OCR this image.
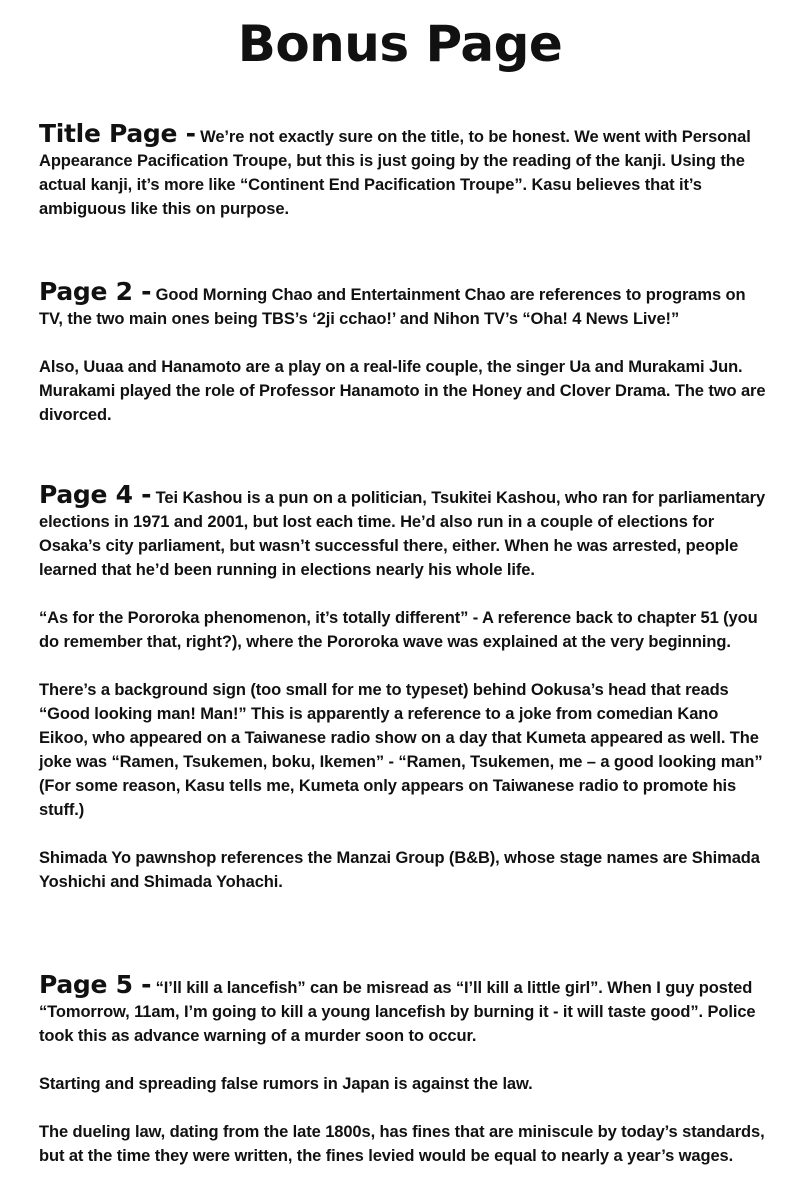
Bonus Page

Title Page - We’re not exactly sure on the title, to be honest. We went with Personal Appearance Pacification Troupe, but this is just going by the reading of the kanji. Using the actual kanji, it’s more like “Continent End Pacification Troupe”. Kasu believes that it’s ambiguous like this on purpose.

Page 2 - Good Morning Chao and Entertainment Chao are references to programs on TV, the two main ones being TBS’s ‘2ji cchao!’ and Nihon TV’s “Oha! 4 News Live!”

Also, Uuaa and Hanamoto are a play on a real-life couple, the singer Ua and Murakami Jun. Murakami played the role of Professor Hanamoto in the Honey and Clover Drama. The two are divorced.

Page 4 - Tei Kashou is a pun on a politician, Tsukitei Kashou, who ran for parliamentary elections in 1971 and 2001, but lost each time. He’d also run in a couple of elections for Osaka’s city parliament, but wasn’t successful there, either. When he was arrested, people learned that he’d been running in elections nearly his whole life.

“As for the Pororoka phenomenon, it’s totally different” - A reference back to chapter 51 (you do remember that, right?), where the Pororoka wave was explained at the very beginning.

There’s a background sign (too small for me to typeset) behind Ookusa’s head that reads “Good looking man! Man!” This is apparently a reference to a joke from comedian Kano Eikoo, who appeared on a Taiwanese radio show on a day that Kumeta appeared as well. The joke was “Ramen, Tsukemen, boku, Ikemen” - “Ramen, Tsukemen, me – a good looking man” (For some reason, Kasu tells me, Kumeta only appears on Taiwanese radio to promote his stuff.)

Shimada Yo pawnshop references the Manzai Group (B&B), whose stage names are Shimada Yoshichi and Shimada Yohachi.

Page 5 - “I’ll kill a lancefish” can be misread as “I’ll kill a little girl”. When I guy posted “Tomorrow, 11am, I’m going to kill a young lancefish by burning it - it will taste good”. Police took this as advance warning of a murder soon to occur.

Starting and spreading false rumors in Japan is against the law.

The dueling law, dating from the late 1800s, has fines that are miniscule by today’s standards, but at the time they were written, the fines levied would be equal to nearly a year’s wages.
